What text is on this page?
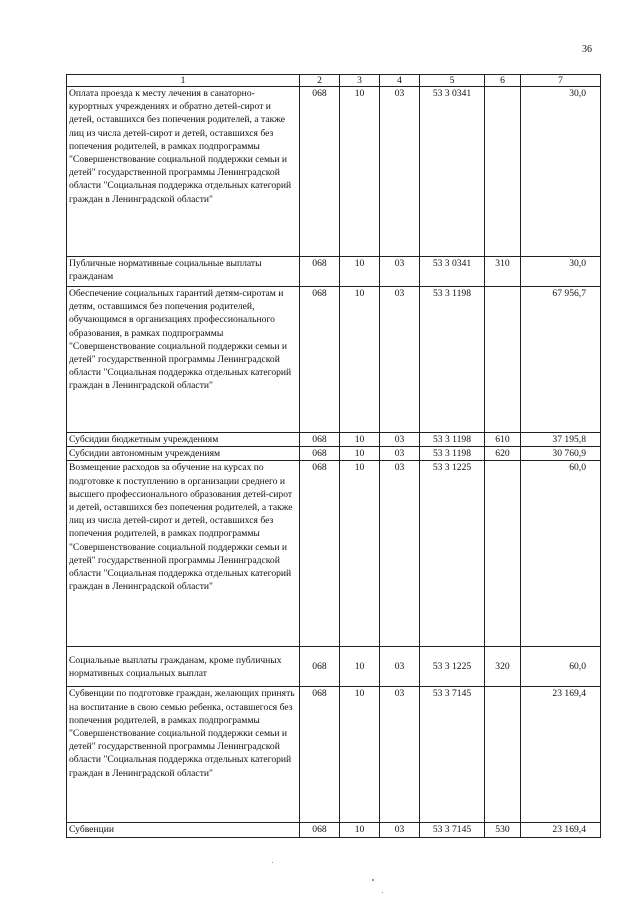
36
1	2	3	4	5	6	7
Оплата проезда к месту лечения в санаторно-курортных учреждениях и обратно детей-сирот и детей, оставшихся без попечения родителей, а также лиц из числа детей-сирот и детей, оставшихся без попечения родителей, в рамках подпрограммы "Совершенствование социальной поддержки семьи и детей" государственной программы Ленинградской области "Социальная поддержка отдельных категорий граждан в Ленинградской области"	068	10	03	53 3 0341		30,0
Публичные нормативные социальные выплаты гражданам	068	10	03	53 3 0341	310	30,0
Обеспечение социальных гарантий детям-сиротам и детям, оставшимся без попечения родителей, обучающимся в организациях профессионального образования, в рамках подпрограммы "Совершенствование социальной поддержки семьи и детей" государственной программы Ленинградской области "Социальная поддержка отдельных категорий граждан в Ленинградской области"	068	10	03	53 3 1198		67 956,7
Субсидии бюджетным учреждениям	068	10	03	53 3 1198	610	37 195,8
Субсидии автономным учреждениям	068	10	03	53 3 1198	620	30 760,9
Возмещение расходов за обучение на курсах по подготовке к поступлению в организации среднего и высшего профессионального образования детей-сирот и детей, оставшихся без попечения родителей, а также лиц из числа детей-сирот и детей, оставшихся без попечения родителей, в рамках подпрограммы "Совершенствование социальной поддержки семьи и детей" государственной программы Ленинградской области "Социальная поддержка отдельных категорий граждан в Ленинградской области"	068	10	03	53 3 1225		60,0
Социальные выплаты гражданам, кроме публичных нормативных социальных выплат	068	10	03	53 3 1225	320	60,0
Субвенции по подготовке граждан, желающих принять на воспитание в свою семью ребенка, оставшегося без попечения родителей, в рамках подпрограммы "Совершенствование социальной поддержки семьи и детей" государственной программы Ленинградской области "Социальная поддержка отдельных категорий граждан в Ленинградской области"	068	10	03	53 3 7145		23 169,4
Субвенции	068	10	03	53 3 7145	530	23 169,4
